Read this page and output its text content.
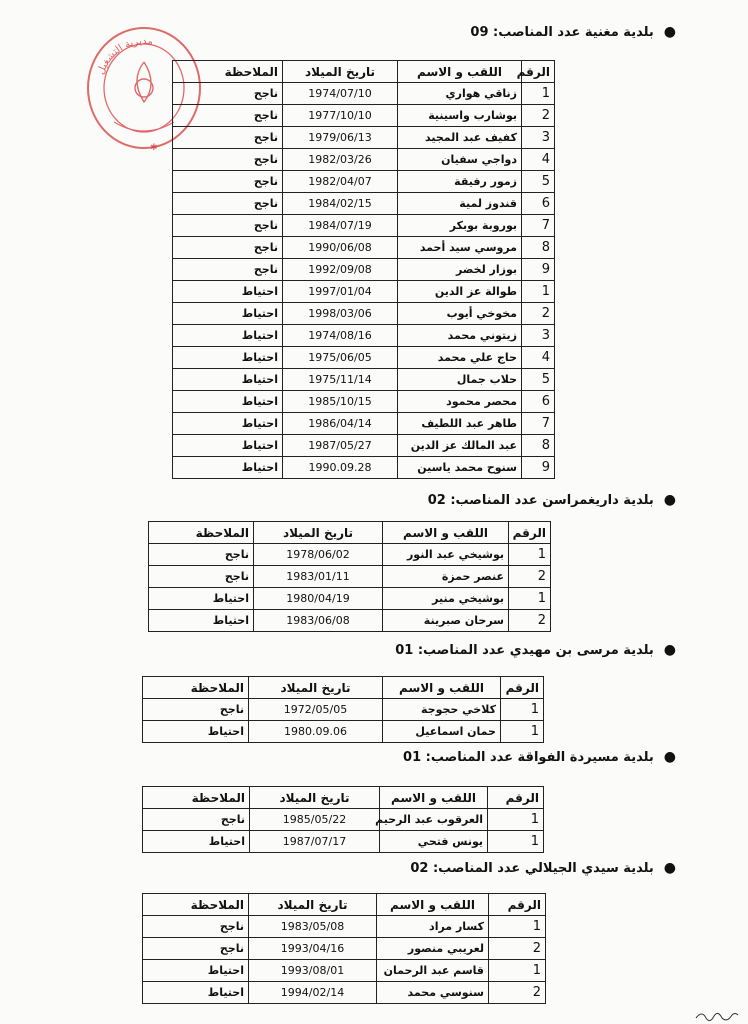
مديرية التشغيل
✱
●بلدية مغنية عدد المناصب: 09
الرقم	اللقب و الاسم	تاريخ الميلاد	الملاحظة
1	زناقي هواري	1974/07/10	ناجح
2	بوشارب واسينية	1977/10/10	ناجح
3	كفيف عبد المجيد	1979/06/13	ناجح
4	دواجي سفيان	1982/03/26	ناجح
5	زمور رفيقة	1982/04/07	ناجح
6	قندوز لمية	1984/02/15	ناجح
7	بوروبة بوبكر	1984/07/19	ناجح
8	مروسي سيد أحمد	1990/06/08	ناجح
9	بوزار لخضر	1992/09/08	ناجح
1	طوالة عز الدين	1997/01/04	احتياط
2	مخوخي أيوب	1998/03/06	احتياط
3	زيتوني محمد	1974/08/16	احتياط
4	حاج علي محمد	1975/06/05	احتياط
5	حلاب جمال	1975/11/14	احتياط
6	محصر محمود	1985/10/15	احتياط
7	طاهر عبد اللطيف	1986/04/14	احتياط
8	عبد المالك عز الدين	1987/05/27	احتياط
9	سنوح محمد ياسين	1990.09.28	احتياط
●بلدية داريغمراسن عدد المناصب: 02
الرقم	اللقب و الاسم	تاريخ الميلاد	الملاحظة
1	بوشيخي عبد النور	1978/06/02	ناجح
2	عنصر حمزة	1983/01/11	ناجح
1	بوشيخي منير	1980/04/19	احتياط
2	سرحان صبرينة	1983/06/08	احتياط
●بلدية مرسى بن مهيدي عدد المناصب: 01
الرقم	اللقب و الاسم	تاريخ الميلاد	الملاحظة
1	كلاخي حجوجة	1972/05/05	ناجح
1	حمان اسماعيل	1980.09.06	احتياط
●بلدية مسيردة الفواقة عدد المناصب: 01
الرقم	اللقب و الاسم	تاريخ الميلاد	الملاحظة
1	العرقوب عبد الرحيم	1985/05/22	ناجح
1	يونس فتحي	1987/07/17	احتياط
●بلدية سيدي الجيلالي عدد المناصب: 02
الرقم	اللقب و الاسم	تاريخ الميلاد	الملاحظة
1	كسار مراد	1983/05/08	ناجح
2	لعريبي منصور	1993/04/16	ناجح
1	قاسم عبد الرحمان	1993/08/01	احتياط
2	سنوسي محمد	1994/02/14	احتياط
